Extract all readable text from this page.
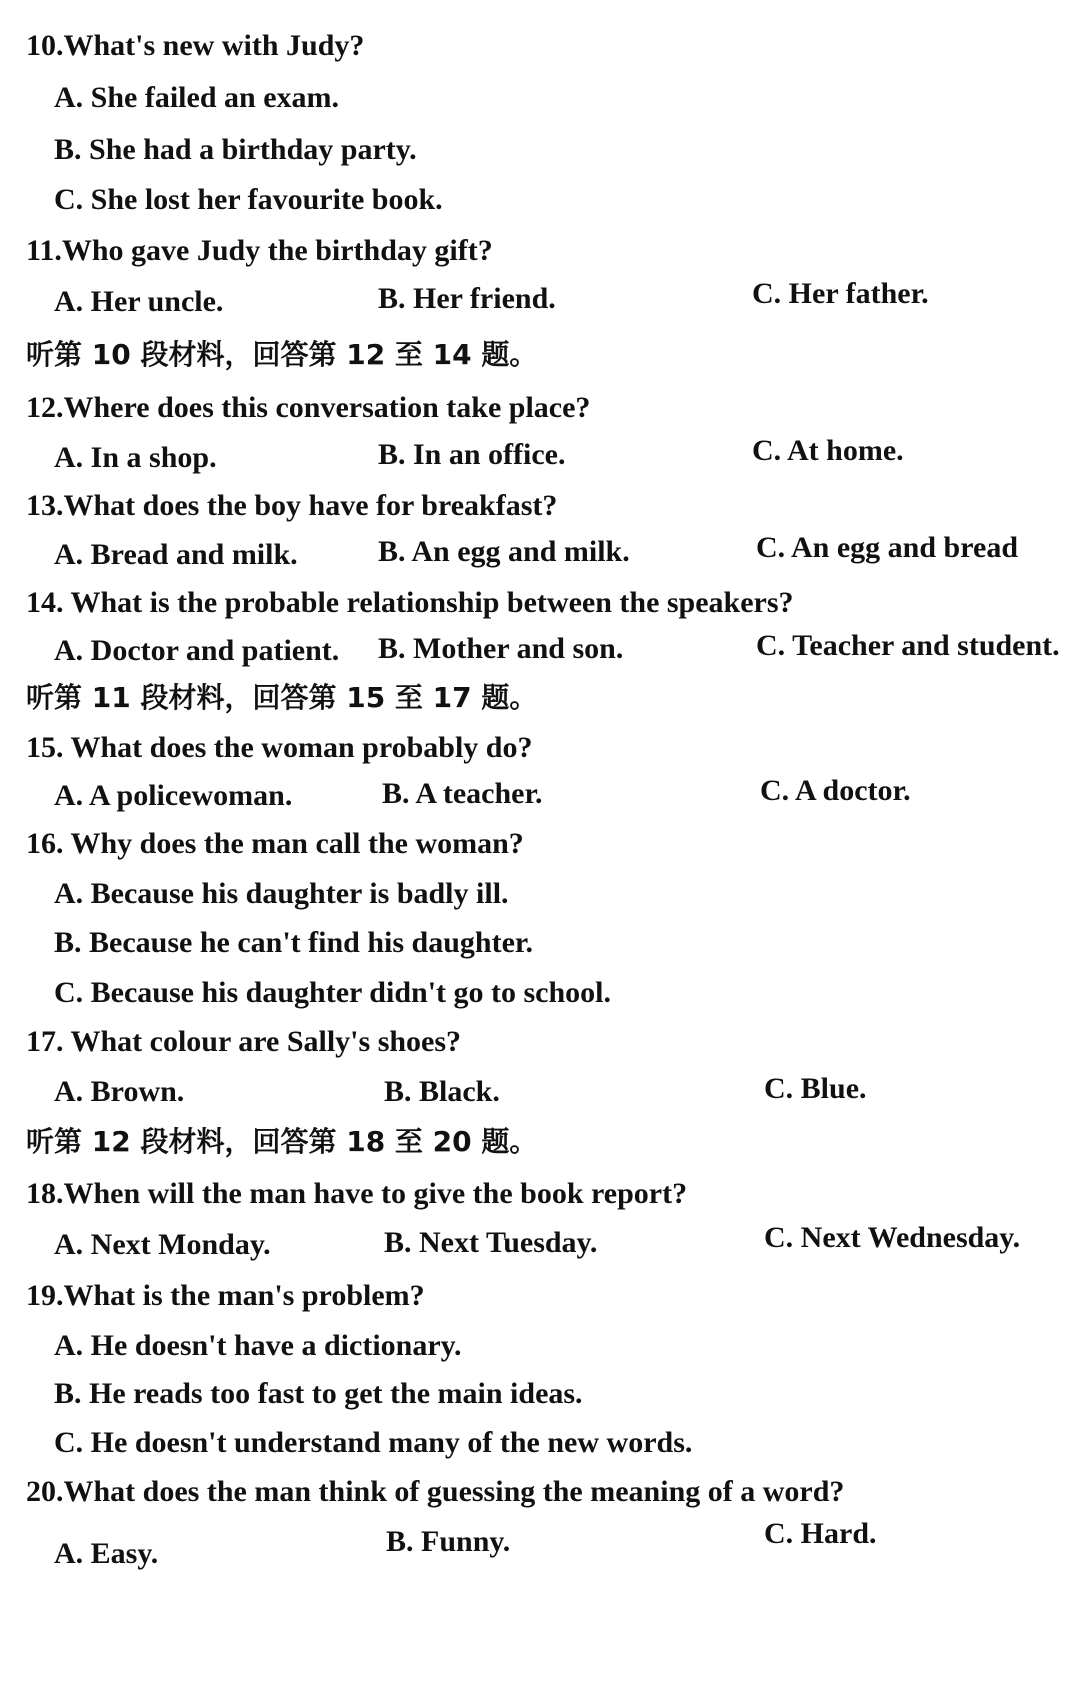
10.What's new with Judy?
A. She failed an exam.
B. She had a birthday party.
C. She lost her favourite book.
11.Who gave Judy the birthday gift?
A. Her uncle.	B. Her friend.	C. Her father.
听第 10 段材料，回答第 12 至 14 题。
12.Where does this conversation take place?
A. In a shop.	B. In an office.	C. At home.
13.What does the boy have for breakfast?
A. Bread and milk.	B. An egg and milk.	C. An egg and bread
14. What is the probable relationship between the speakers?
A. Doctor and patient. B. Mother and son.	C. Teacher and student.
听第 11 段材料，回答第 15 至 17 题。
15. What does the woman probably do?
A. A policewoman.	B. A teacher.	C. A doctor.
16. Why does the man call the woman?
A. Because his daughter is badly ill.
B. Because he can't find his daughter.
C. Because his daughter didn't go to school.
17. What colour are Sally's shoes?
A. Brown.	B. Black.	C. Blue.
听第 12 段材料，回答第 18 至 20 题。
18.When will the man have to give the book report?
A. Next Monday.	B. Next Tuesday.	C. Next Wednesday.
19.What is the man's problem?
A. He doesn't have a dictionary.
B. He reads too fast to get the main ideas.
C. He doesn't understand many of the new words.
20.What does the man think of guessing the meaning of a word?
A. Easy.	B. Funny.	C. Hard.
